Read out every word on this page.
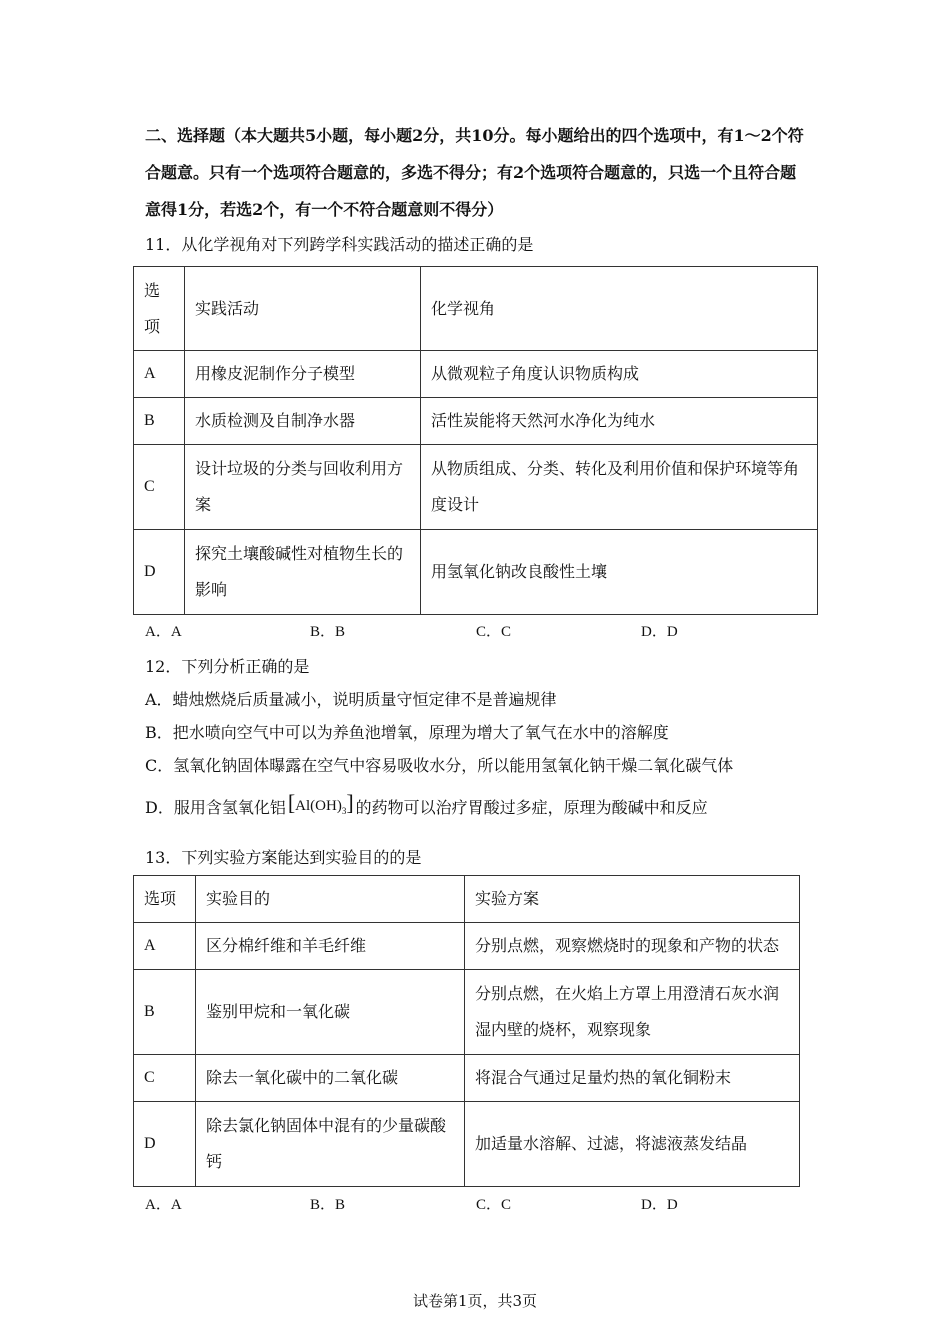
二、选择题（本大题共5小题，每小题2分，共10分。每小题给出的四个选项中，有1～2个符
合题意。只有一个选项符合题意的，多选不得分；有2个选项符合题意的，只选一个且符合题
意得1分，若选2个，有一个不符合题意则不得分）
11．从化学视角对下列跨学科实践活动的描述正确的是
选
项	实践活动	化学视角
A	用橡皮泥制作分子模型	从微观粒子角度认识物质构成
B	水质检测及自制净水器	活性炭能将天然河水净化为纯水
C	设计垃圾的分类与回收利用方案	从物质组成、分类、转化及利用价值和保护环境等角度设计
D	探究土壤酸碱性对植物生长的影响	用氢氧化钠改良酸性土壤
A．A	B．B	C．C	D．D
12．下列分析正确的是
A．蜡烛燃烧后质量减小，说明质量守恒定律不是普遍规律
B．把水喷向空气中可以为养鱼池增氧，原理为增大了氧气在水中的溶解度
C．氢氧化钠固体曝露在空气中容易吸收水分，所以能用氢氧化钠干燥二氧化碳气体
D．服用含氢氧化铝$[Al(OH)_3]$ 的药物可以治疗胃酸过多症，原理为酸碱中和反应
13．下列实验方案能达到实验目的的是
选项	实验目的	实验方案
A	区分棉纤维和羊毛纤维	分别点燃，观察燃烧时的现象和产物的状态
B	鉴别甲烷和一氧化碳	分别点燃，在火焰上方罩上用澄清石灰水润湿内壁的烧杯，观察现象
C	除去一氧化碳中的二氧化碳	将混合气通过足量灼热的氧化铜粉末
D	除去氯化钠固体中混有的少量碳酸钙	加适量水溶解、过滤，将滤液蒸发结晶
A．A	B．B	C．C	D．D
试卷第1页，共3页
